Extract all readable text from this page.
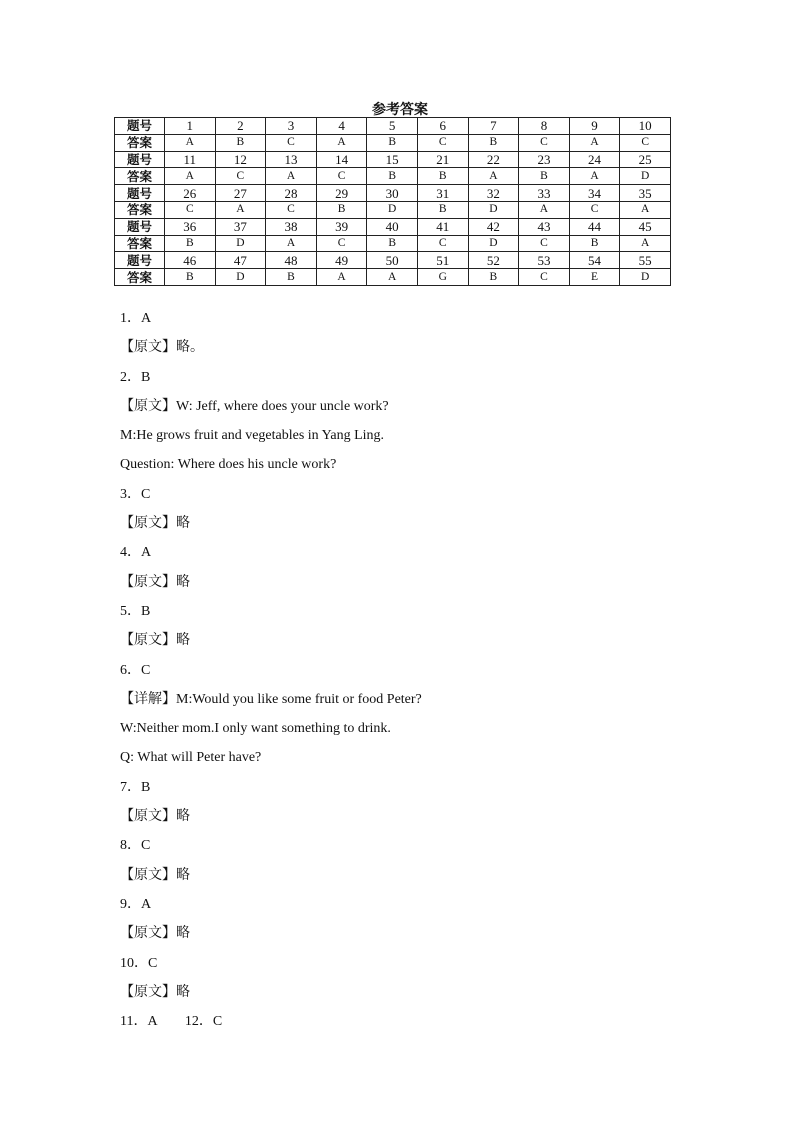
参考答案
题号	1	2	3	4	5	6	7	8	9	10
答案	A	B	C	A	B	C	B	C	A	C
题号	11	12	13	14	15	21	22	23	24	25
答案	A	C	A	C	B	B	A	B	A	D
题号	26	27	28	29	30	31	32	33	34	35
答案	C	A	C	B	D	B	D	A	C	A
题号	36	37	38	39	40	41	42	43	44	45
答案	B	D	A	C	B	C	D	C	B	A
题号	46	47	48	49	50	51	52	53	54	55
答案	B	D	B	A	A	G	B	C	E	D
1．A
【原文】略。
2．B
【原文】W: Jeff, where does your uncle work?
M:He grows fruit and vegetables in Yang Ling.
Question: Where does his uncle work?
3．C
【原文】略
4．A
【原文】略
5．B
【原文】略
6．C
【详解】M:Would you like some fruit or food Peter?
W:Neither mom.I only want something to drink.
Q: What will Peter have?
7．B
【原文】略
8．C
【原文】略
9．A
【原文】略
10．C
【原文】略
11．A　　12．C
